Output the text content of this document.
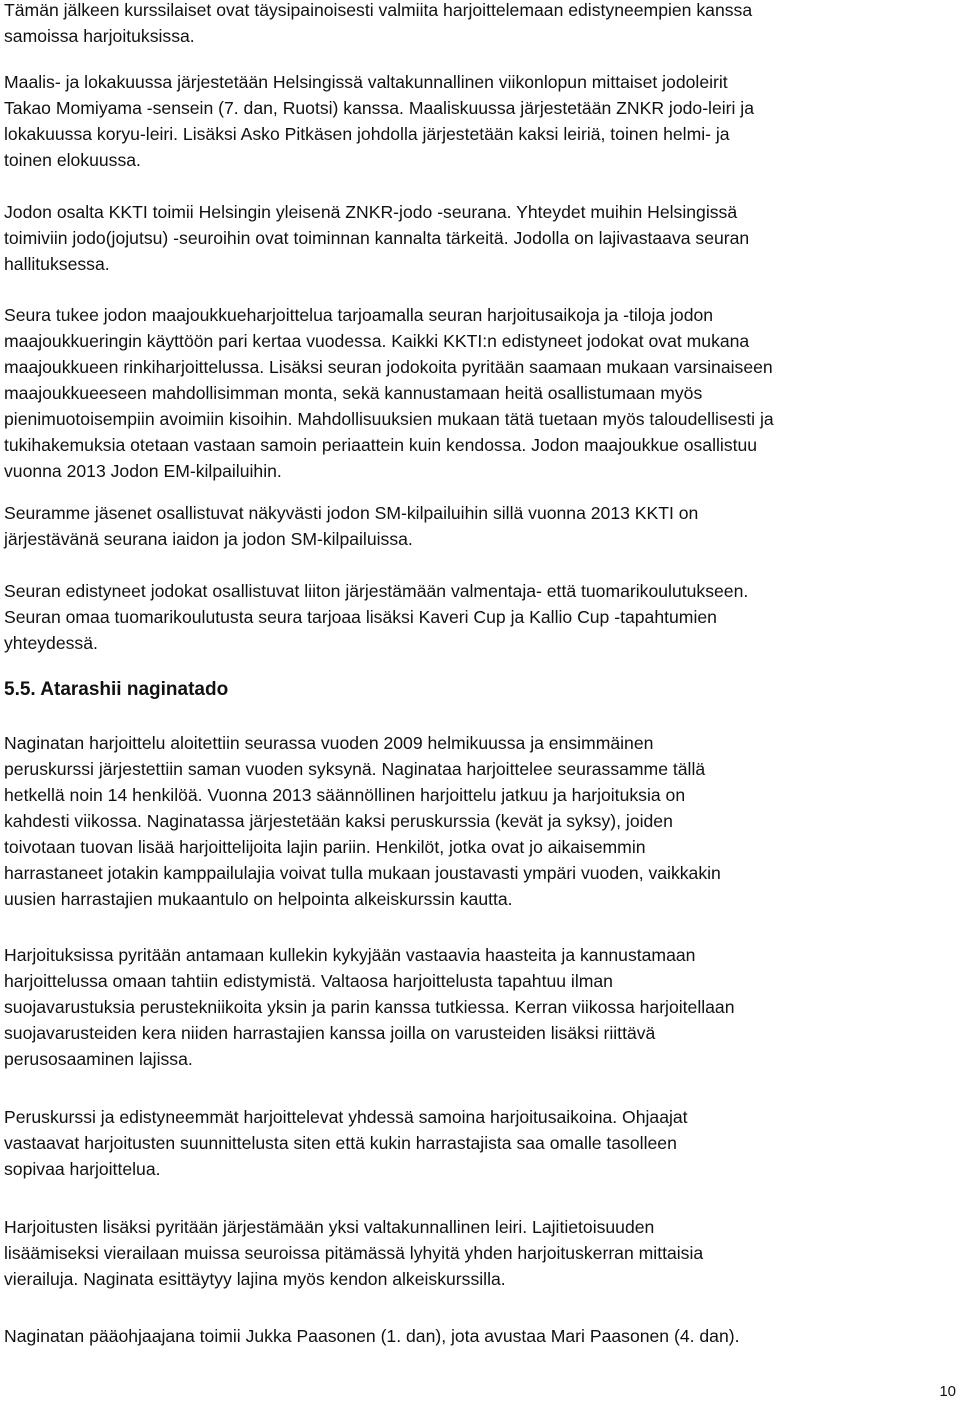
Tämän jälkeen kurssilaiset ovat täysipainoisesti valmiita harjoittelemaan edistyneempien kanssa
samoissa harjoituksissa.

Maalis- ja lokakuussa järjestetään Helsingissä valtakunnallinen viikonlopun mittaiset jodoleirit
Takao Momiyama -sensein (7. dan, Ruotsi) kanssa. Maaliskuussa järjestetään ZNKR jodo-leiri ja
lokakuussa koryu-leiri. Lisäksi Asko Pitkäsen johdolla järjestetään kaksi leiriä, toinen helmi- ja
toinen elokuussa.

Jodon osalta KKTI toimii Helsingin yleisenä ZNKR-jodo -seurana. Yhteydet muihin Helsingissä
toimiviin jodo(jojutsu) -seuroihin ovat toiminnan kannalta tärkeitä. Jodolla on lajivastaava seuran
hallituksessa.

Seura tukee jodon maajoukkueharjoittelua tarjoamalla seuran harjoitusaikoja ja -tiloja jodon
maajoukkueringin käyttöön pari kertaa vuodessa. Kaikki KKTI:n edistyneet jodokat ovat mukana
maajoukkueen rinkiharjoittelussa. Lisäksi seuran jodokoita pyritään saamaan mukaan varsinaiseen
maajoukkueeseen mahdollisimman monta, sekä kannustamaan heitä osallistumaan myös
pienimuotoisempiin avoimiin kisoihin. Mahdollisuuksien mukaan tätä tuetaan myös taloudellisesti ja
tukihakemuksia otetaan vastaan samoin periaattein kuin kendossa. Jodon maajoukkue osallistuu
vuonna 2013 Jodon EM-kilpailuihin.

Seuramme jäsenet osallistuvat näkyvästi jodon SM-kilpailuihin sillä vuonna 2013 KKTI on
järjestävänä seurana iaidon ja jodon SM-kilpailuissa.

Seuran edistyneet jodokat osallistuvat liiton järjestämään valmentaja- että tuomarikoulutukseen.
Seuran omaa tuomarikoulutusta seura tarjoaa lisäksi Kaveri Cup ja Kallio Cup -tapahtumien
yhteydessä.

5.5. Atarashii naginatado

Naginatan harjoittelu aloitettiin seurassa vuoden 2009 helmikuussa ja ensimmäinen
peruskurssi järjestettiin saman vuoden syksynä. Naginataa harjoittelee seurassamme tällä
hetkellä noin 14 henkilöä. Vuonna 2013 säännöllinen harjoittelu jatkuu ja harjoituksia on
kahdesti viikossa. Naginatassa järjestetään kaksi peruskurssia (kevät ja syksy), joiden
toivotaan tuovan lisää harjoittelijoita lajin pariin. Henkilöt, jotka ovat jo aikaisemmin
harrastaneet jotakin kamppailulajia voivat tulla mukaan joustavasti ympäri vuoden, vaikkakin
uusien harrastajien mukaantulo on helpointa alkeiskurssin kautta.

Harjoituksissa pyritään antamaan kullekin kykyjään vastaavia haasteita ja kannustamaan
harjoittelussa omaan tahtiin edistymistä. Valtaosa harjoittelusta tapahtuu ilman
suojavarustuksia perustekniikoita yksin ja parin kanssa tutkiessa. Kerran viikossa harjoitellaan
suojavarusteiden kera niiden harrastajien kanssa joilla on varusteiden lisäksi riittävä
perusosaaminen lajissa.

Peruskurssi ja edistyneemmät harjoittelevat yhdessä samoina harjoitusaikoina. Ohjaajat
vastaavat harjoitusten suunnittelusta siten että kukin harrastajista saa omalle tasolleen
sopivaa harjoittelua.

Harjoitusten lisäksi pyritään järjestämään yksi valtakunnallinen leiri. Lajitietoisuuden
lisäämiseksi vierailaan muissa seuroissa pitämässä lyhyitä yhden harjoituskerran mittaisia
vierailuja. Naginata esittäytyy lajina myös kendon alkeiskurssilla.

Naginatan pääohjaajana toimii Jukka Paasonen (1. dan), jota avustaa Mari Paasonen (4. dan).

10
